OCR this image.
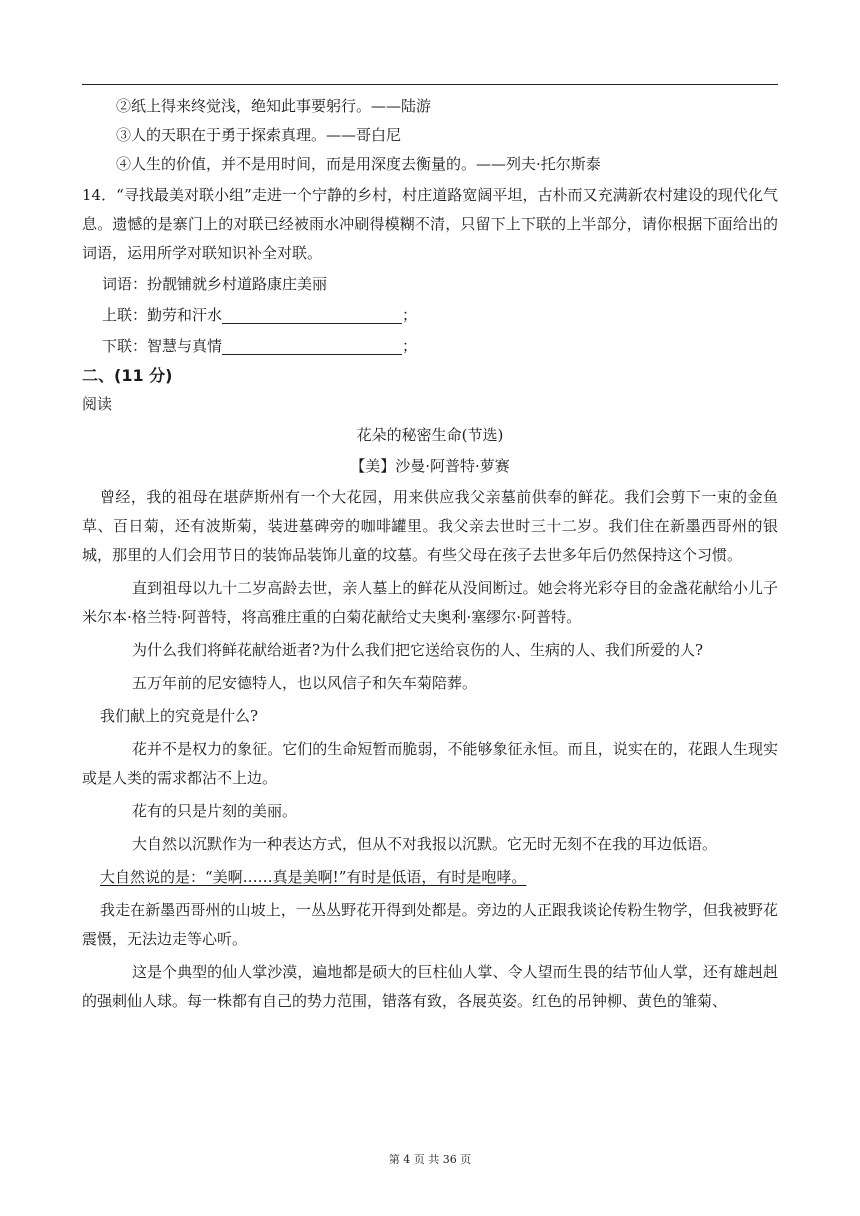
②纸上得来终觉浅，绝知此事要躬行。——陆游
③人的天职在于勇于探索真理。——哥白尼
④人生的价值，并不是用时间，而是用深度去衡量的。——列夫·托尔斯泰
14．“寻找最美对联小组”走进一个宁静的乡村，村庄道路宽阔平坦，古朴而又充满新农村建设的现代化气息。遗憾的是寨门上的对联已经被雨水冲刷得模糊不清，只留下上下联的上半部分，请你根据下面给出的词语，运用所学对联知识补全对联。
词语：扮靓铺就乡村道路康庄美丽
上联：勤劳和汗水	；
下联：智慧与真情	；
二、(11 分)
阅读
花朵的秘密生命(节选)
【美】沙曼·阿普特·萝赛
曾经，我的祖母在堪萨斯州有一个大花园，用来供应我父亲墓前供奉的鲜花。我们会剪下一束的金鱼草、百日菊，还有波斯菊，装进墓碑旁的咖啡罐里。我父亲去世时三十二岁。我们住在新墨西哥州的银城，那里的人们会用节日的装饰品装饰儿童的坟墓。有些父母在孩子去世多年后仍然保持这个习惯。
直到祖母以九十二岁高龄去世，亲人墓上的鲜花从没间断过。她会将光彩夺目的金盏花献给小儿子米尔本·格兰特·阿普特，将高雅庄重的白菊花献给丈夫奥利·塞缪尔·阿普特。
为什么我们将鲜花献给逝者?为什么我们把它送给哀伤的人、生病的人、我们所爱的人?
五万年前的尼安德特人，也以风信子和矢车菊陪葬。
我们献上的究竟是什么?
花并不是权力的象征。它们的生命短暂而脆弱，不能够象征永恒。而且，说实在的，花跟人生现实或是人类的需求都沾不上边。
花有的只是片刻的美丽。
大自然以沉默作为一种表达方式，但从不对我报以沉默。它无时无刻不在我的耳边低语。
大自然说的是：“美啊……真是美啊!”有时是低语，有时是咆哮。
我走在新墨西哥州的山坡上，一丛丛野花开得到处都是。旁边的人正跟我谈论传粉生物学，但我被野花震慑，无法边走等心听。
这是个典型的仙人掌沙漠，遍地都是硕大的巨柱仙人掌、令人望而生畏的结节仙人掌，还有雄赳赳的强刺仙人球。每一株都有自己的势力范围，错落有致，各展英姿。红色的吊钟柳、黄色的雏菊、
第 4 页 共 36 页
